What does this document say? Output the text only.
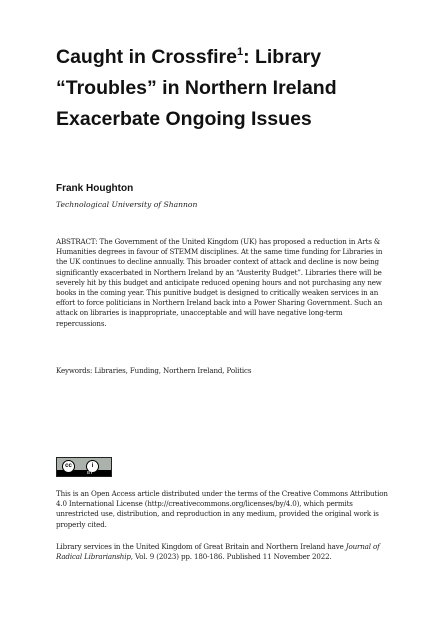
Caught in Crossfire$^1$: Library “Troubles” in Northern Ireland Exacerbate Ongoing Issues
Frank Houghton
Technological University of Shannon
ABSTRACT: The Government of the United Kingdom (UK) has proposed a reduction in Arts & Humanities degrees in favour of STEMM disciplines. At the same time funding for Libraries in the UK continues to decline annually. This broader context of attack and decline is now being significantly exacerbated in Northern Ireland by an “Austerity Budget”. Libraries there will be severely hit by this budget and anticipate reduced opening hours and not purchasing any new books in the coming year. This punitive budget is designed to critically weaken services in an effort to force politicians in Northern Ireland back into a Power Sharing Government. Such an attack on libraries is inappropriate, unacceptable and will have negative long-term repercussions.
Keywords: Libraries, Funding, Northern Ireland, Politics
cc	i
BY
This is an Open Access article distributed under the terms of the Creative Commons Attribution 4.0 International License (http://creativecommons.org/licenses/by/4.0), which permits unrestricted use, distribution, and reproduction in any medium, provided the original work is properly cited.
Library services in the United Kingdom of Great Britain and Northern Ireland have Journal of Radical Librarianship, Vol. 9 (2023) pp. 180-186. Published 11 November 2022.
